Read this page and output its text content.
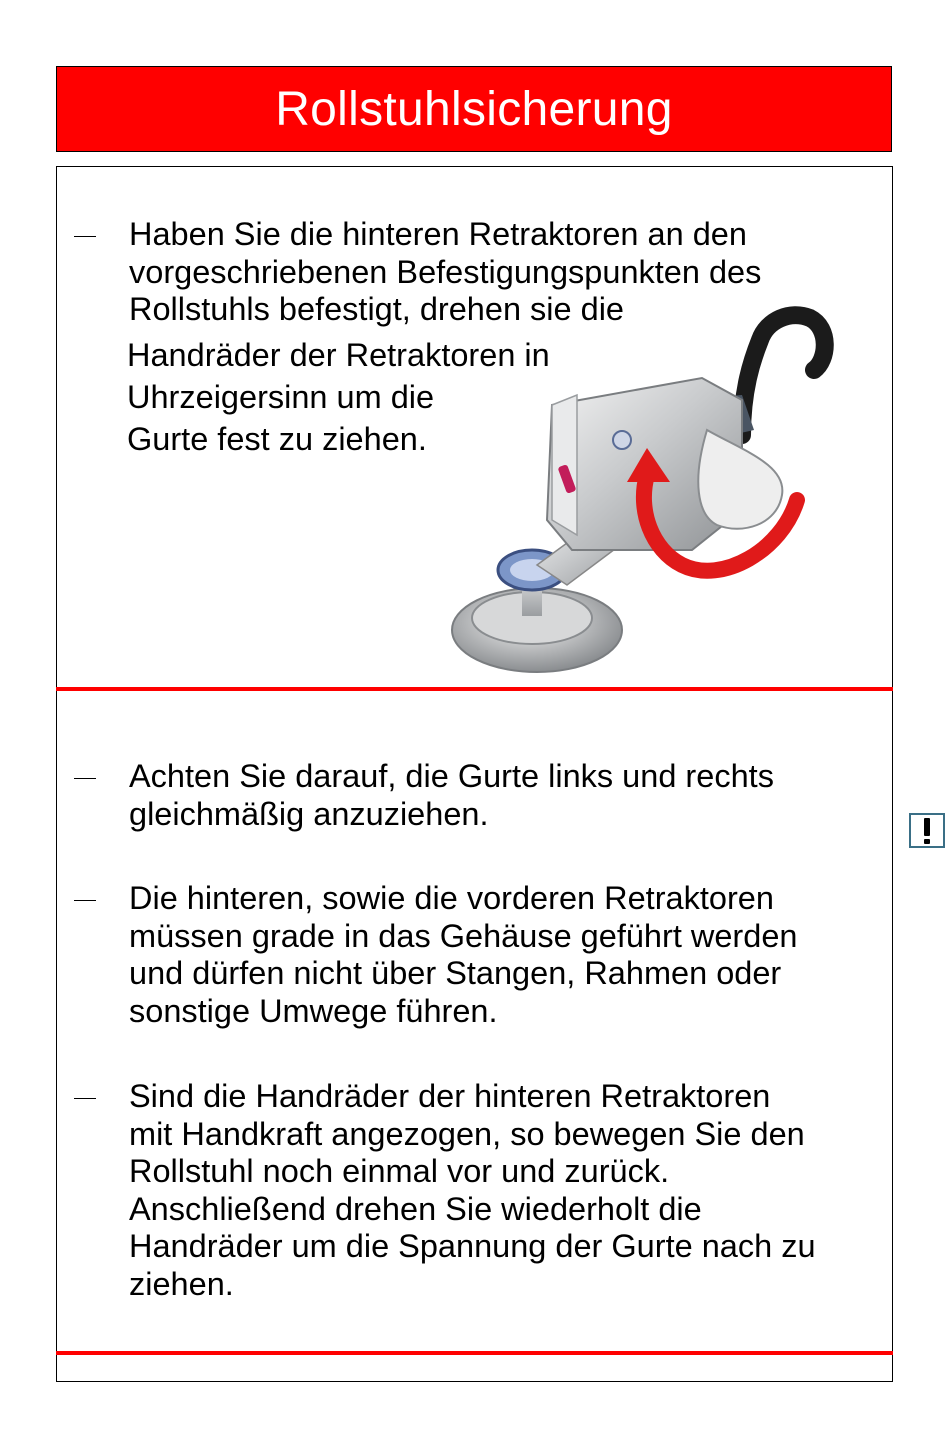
Rollstuhlsicherung
Haben Sie die hinteren Retraktoren an den
vorgeschriebenen Befestigungspunkten des
Rollstuhls befestigt, drehen sie die
Handräder der Retraktoren in
Uhrzeigersinn um die
Gurte fest zu ziehen.
Achten Sie darauf, die Gurte links und rechts
gleichmäßig anzuziehen.
Die hinteren, sowie die vorderen Retraktoren
müssen grade in das Gehäuse geführt werden
und dürfen nicht über Stangen, Rahmen oder
sonstige Umwege führen.
Sind die Handräder der hinteren Retraktoren
mit Handkraft angezogen, so bewegen Sie den
Rollstuhl noch einmal vor und zurück.
Anschließend drehen Sie wiederholt die
Handräder um die Spannung der Gurte nach zu
ziehen.
